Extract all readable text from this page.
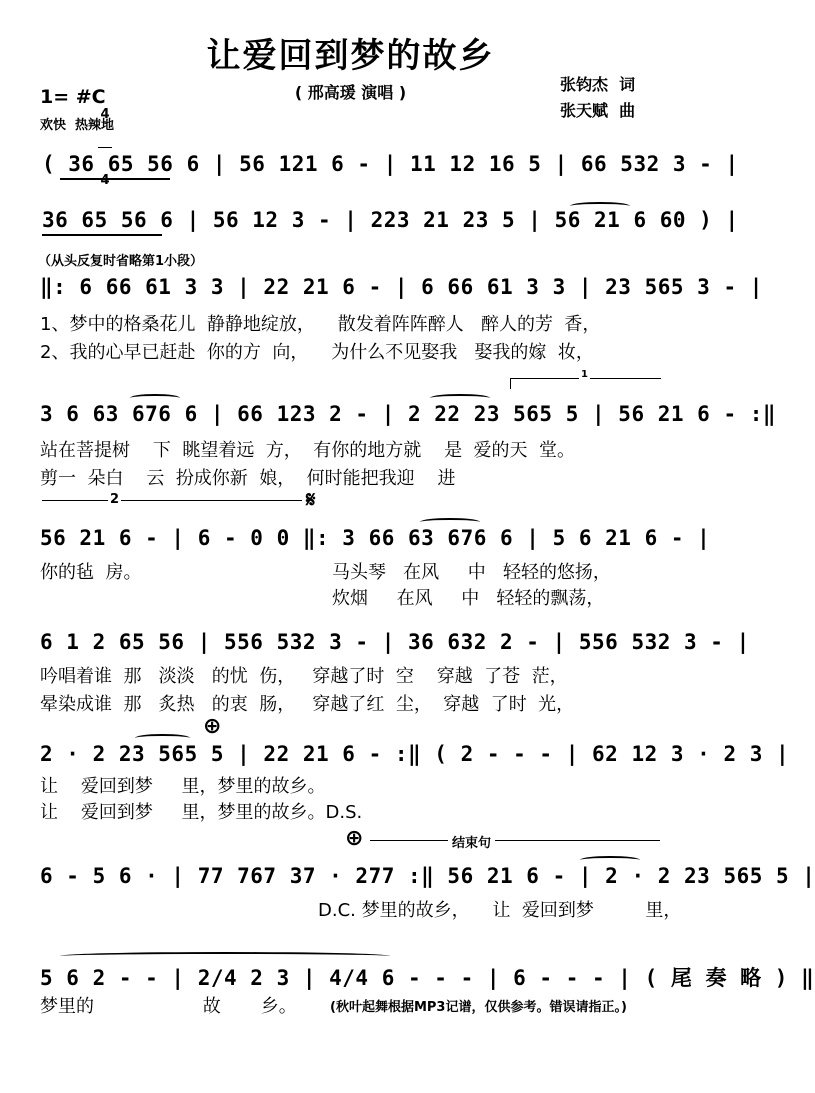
让爱回到梦的故乡
( 邢高瑗 演唱 )	张钧杰  词
张天赋  曲
1= #C

4

4

欢快  热辣地
( 36 65 56 6 | 56 121 6 - | 11 12 16 5 | 66 532 3 - |
36 65 56 6 | 56 12 3 - | 223 21 23 5 | 56 21 6 60 ) |
（从头反复时省略第1小段）
‖: 6 66 61 3 3 | 22 21 6 - | 6 66 61 3 3 | 23 565 3 - |
1、梦中的格桑花儿  静静地绽放，    散发着阵阵醉人   醉人的芳  香，
2、我的心早已赶赴  你的方  向，    为什么不见娶我   娶我的嫁  妆，
1
3 6 63 676 6 | 66 123 2 - | 2 22 23 565 5 | 56 21 6 - :‖
站在菩提树    下  眺望着远  方，  有你的地方就    是  爱的天  堂。
剪一  朵白    云  扮成你新  娘，  何时能把我迎    进
2	𝄋
56 21 6 - | 6 - 0 0 ‖: 3 66 63 676 6 | 5 6 21 6 - |
你的毡  房。	马头琴   在风     中   轻轻的悠扬，
炊烟     在风     中   轻轻的飘荡，
6 1 2 65 56 | 556 532 3 - | 36 632 2 - | 556 532 3 - |
吟唱着谁  那   淡淡   的忧  伤，   穿越了时  空    穿越  了苍  茫，
晕染成谁  那   炙热   的衷  肠，   穿越了红  尘，  穿越  了时  光，
⊕
2 · 2 23 565 5 | 22 21 6 - :‖ ( 2 - - - | 62 12 3 · 2 3 |
让    爱回到梦     里，梦里的故乡。
让    爱回到梦     里，梦里的故乡。D.S.
⊕	结束句
6 - 5 6 · | 77 767 37 · 277 :‖ 56 21 6 - | 2 · 2 23 565 5 |
D.C. 梦里的故乡，    让  爱回到梦         里，
5 6 2 - - | 2/4 2 3 | 4/4 6 - - - | 6 - - - | ( 尾 奏 略 ) ‖
梦里的                   故       乡。	(秋叶起舞根据MP3记谱，仅供参考。错误请指正。)
